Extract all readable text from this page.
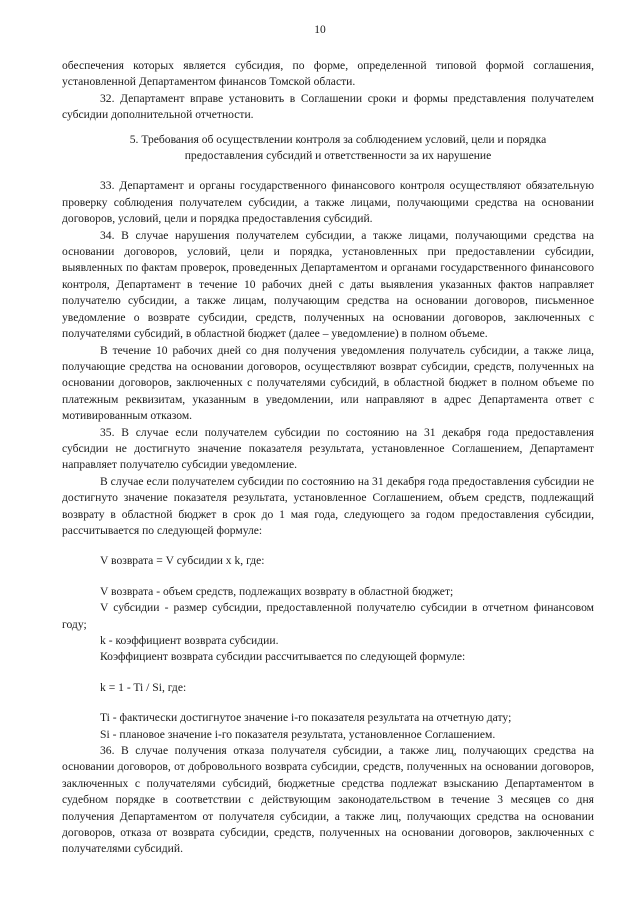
10

обеспечения которых является субсидия, по форме, определенной типовой формой соглашения, установленной Департаментом финансов Томской области.

32. Департамент вправе установить в Соглашении сроки и формы представления получателем субсидии дополнительной отчетности.

5. Требования об осуществлении контроля за соблюдением условий, цели и порядка предоставления субсидий и ответственности за их нарушение

33. Департамент и органы государственного финансового контроля осуществляют обязательную проверку соблюдения получателем субсидии, а также лицами, получающими средства на основании договоров, условий, цели и порядка предоставления субсидий.

34. В случае нарушения получателем субсидии, а также лицами, получающими средства на основании договоров, условий, цели и порядка, установленных при предоставлении субсидии, выявленных по фактам проверок, проведенных Департаментом и органами государственного финансового контроля, Департамент в течение 10 рабочих дней с даты выявления указанных фактов направляет получателю субсидии, а также лицам, получающим средства на основании договоров, письменное уведомление о возврате субсидии, средств, полученных на основании договоров, заключенных с получателями субсидий, в областной бюджет (далее – уведомление) в полном объеме.

В течение 10 рабочих дней со дня получения уведомления получатель субсидии, а также лица, получающие средства на основании договоров, осуществляют возврат субсидии, средств, полученных на основании договоров, заключенных с получателями субсидий, в областной бюджет в полном объеме по платежным реквизитам, указанным в уведомлении, или направляют в адрес Департамента ответ с мотивированным отказом.

35. В случае если получателем субсидии по состоянию на 31 декабря года предоставления субсидии не достигнуто значение показателя результата, установленное Соглашением, Департамент направляет получателю субсидии уведомление.

В случае если получателем субсидии по состоянию на 31 декабря года предоставления субсидии не достигнуто значение показателя результата, установленное Соглашением, объем средств, подлежащий возврату в областной бюджет в срок до 1 мая года, следующего за годом предоставления субсидии, рассчитывается по следующей формуле:

V возврата = V субсидии x k, где:

V возврата - объем средств, подлежащих возврату в областной бюджет;

V субсидии - размер субсидии, предоставленной получателю субсидии в отчетном финансовом году;

k - коэффициент возврата субсидии.

Коэффициент возврата субсидии рассчитывается по следующей формуле:

k = 1 - Ti / Si, где:

Ti - фактически достигнутое значение i-го показателя результата на отчетную дату;

Si - плановое значение i-го показателя результата, установленное Соглашением.

36. В случае получения отказа получателя субсидии, а также лиц, получающих средства на основании договоров, от добровольного возврата субсидии, средств, полученных на основании договоров, заключенных с получателями субсидий, бюджетные средства подлежат взысканию Департаментом в судебном порядке в соответствии с действующим законодательством в течение 3 месяцев со дня получения Департаментом от получателя субсидии, а также лиц, получающих средства на основании договоров, отказа от возврата субсидии, средств, полученных на основании договоров, заключенных с получателями субсидий.
